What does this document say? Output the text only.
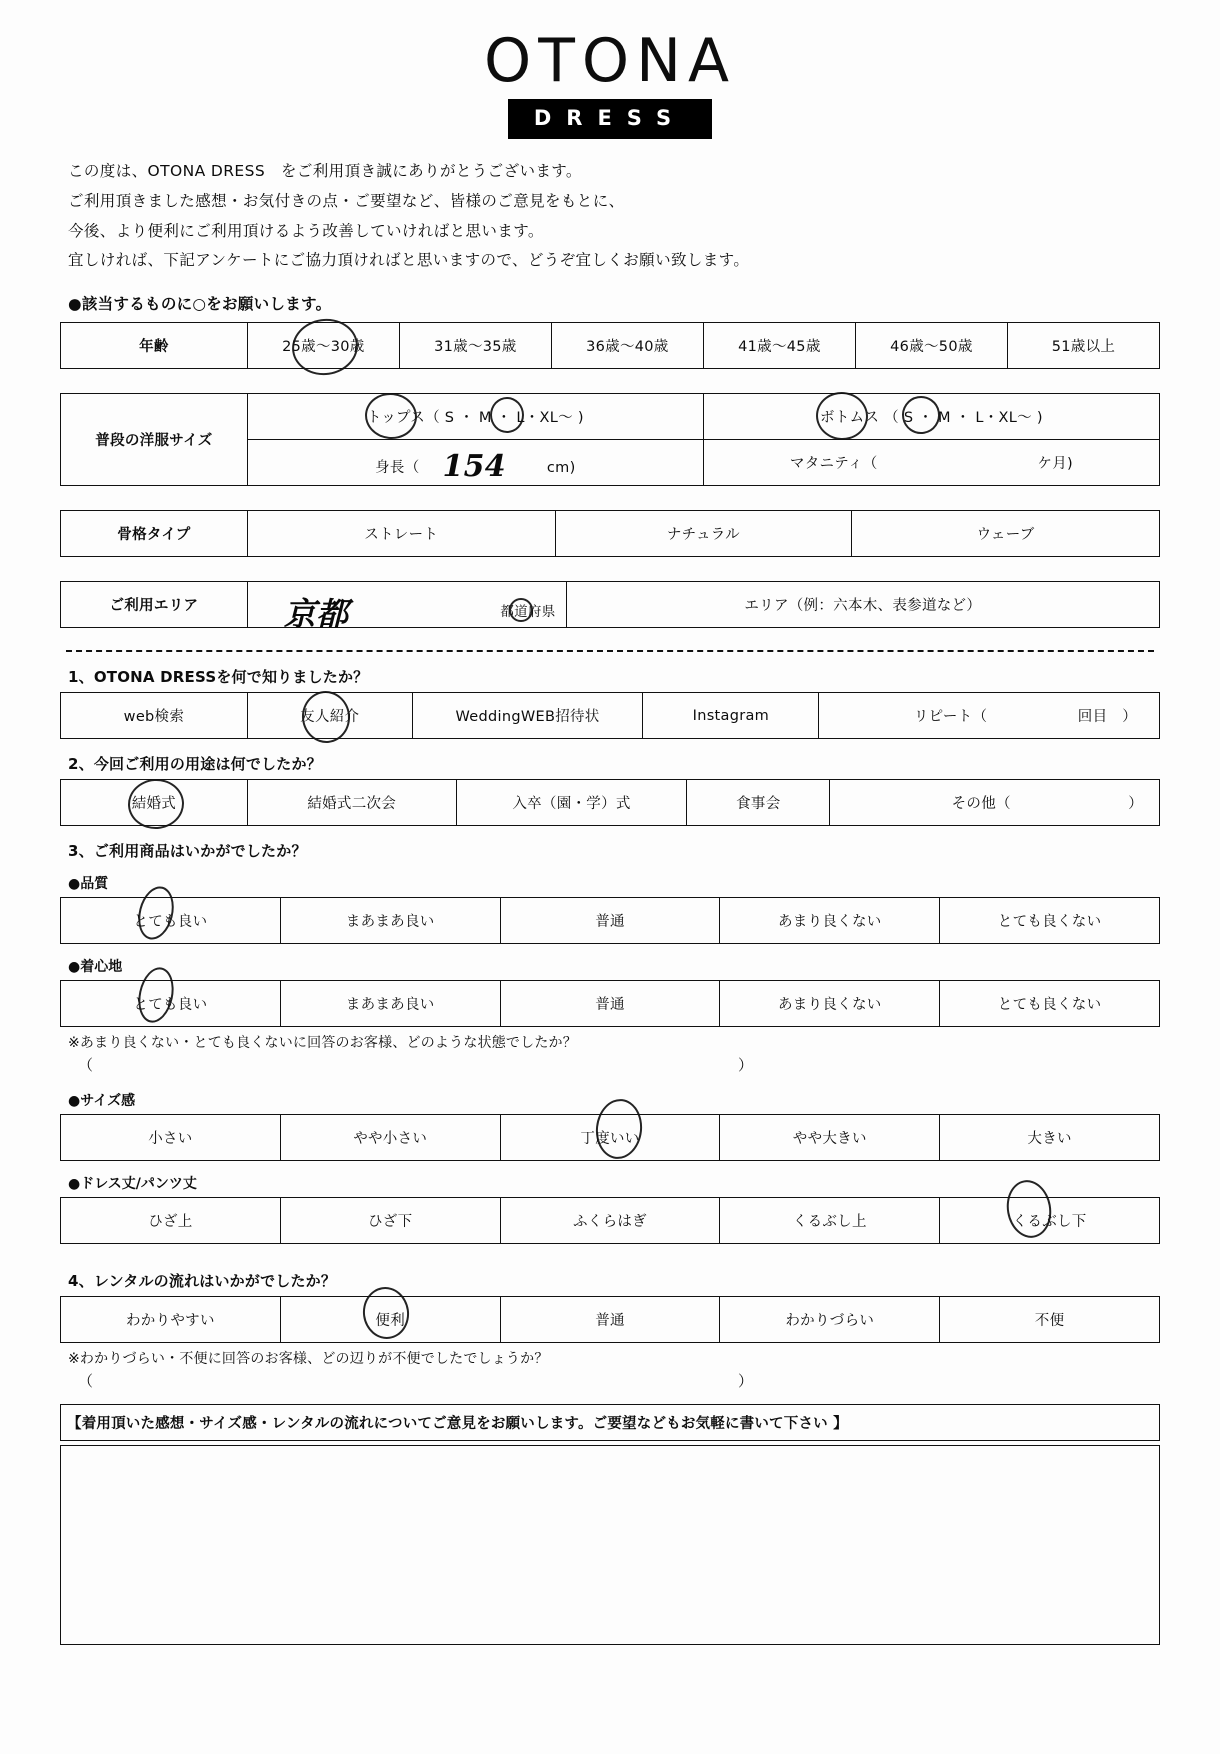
OTONA
DRESS
この度は、OTONA DRESS　をご利用頂き誠にありがとうございます。
ご利用頂きました感想・お気付きの点・ご要望など、皆様のご意見をもとに、
今後、より便利にご利用頂けるよう改善していければと思います。
宜しければ、下記アンケートにご協力頂ければと思いますので、どうぞ宜しくお願い致します。
●該当するものに○をお願いします。
年齢	25歳～30歳	31歳～35歳	36歳～40歳	41歳～45歳	46歳～50歳	51歳以上
普段の洋服サイズ	トップス（ S ・ M ・ L・XL～ )	ボトムス （ S ・ M ・ L・XL～ )

	身長（ 154 cm)	マタニティ（ ケ月)
骨格タイプ	ストレート	ナチュラル	ウェーブ
ご利用エリア	京都	都道府県	エリア（例：六本木、表参道など）
1、OTONA DRESSを何で知りましたか？
web検索	友人紹介	WeddingWEB招待状	Instagram	リピート（	回目　）
2、今回ご利用の用途は何でしたか？
結婚式	結婚式二次会	入卒（園・学）式	食事会	その他（	）
3、ご利用商品はいかがでしたか？
●品質
とても良い	まあまあ良い	普通	あまり良くない	とても良くない
●着心地
とても良い	まあまあ良い	普通	あまり良くない	とても良くない
※あまり良くない・とても良くないに回答のお客様、どのような状態でしたか？
（	）
●サイズ感
小さい	やや小さい	丁度いい	やや大きい	大きい
●ドレス丈/パンツ丈
ひざ上	ひざ下	ふくらはぎ	くるぶし上	くるぶし下
4、レンタルの流れはいかがでしたか？
わかりやすい	便利	普通	わかりづらい	不便
※わかりづらい・不便に回答のお客様、どの辺りが不便でしたでしょうか？
（	）
【着用頂いた感想・サイズ感・レンタルの流れについてご意見をお願いします。ご要望などもお気軽に書いて下さい 】
